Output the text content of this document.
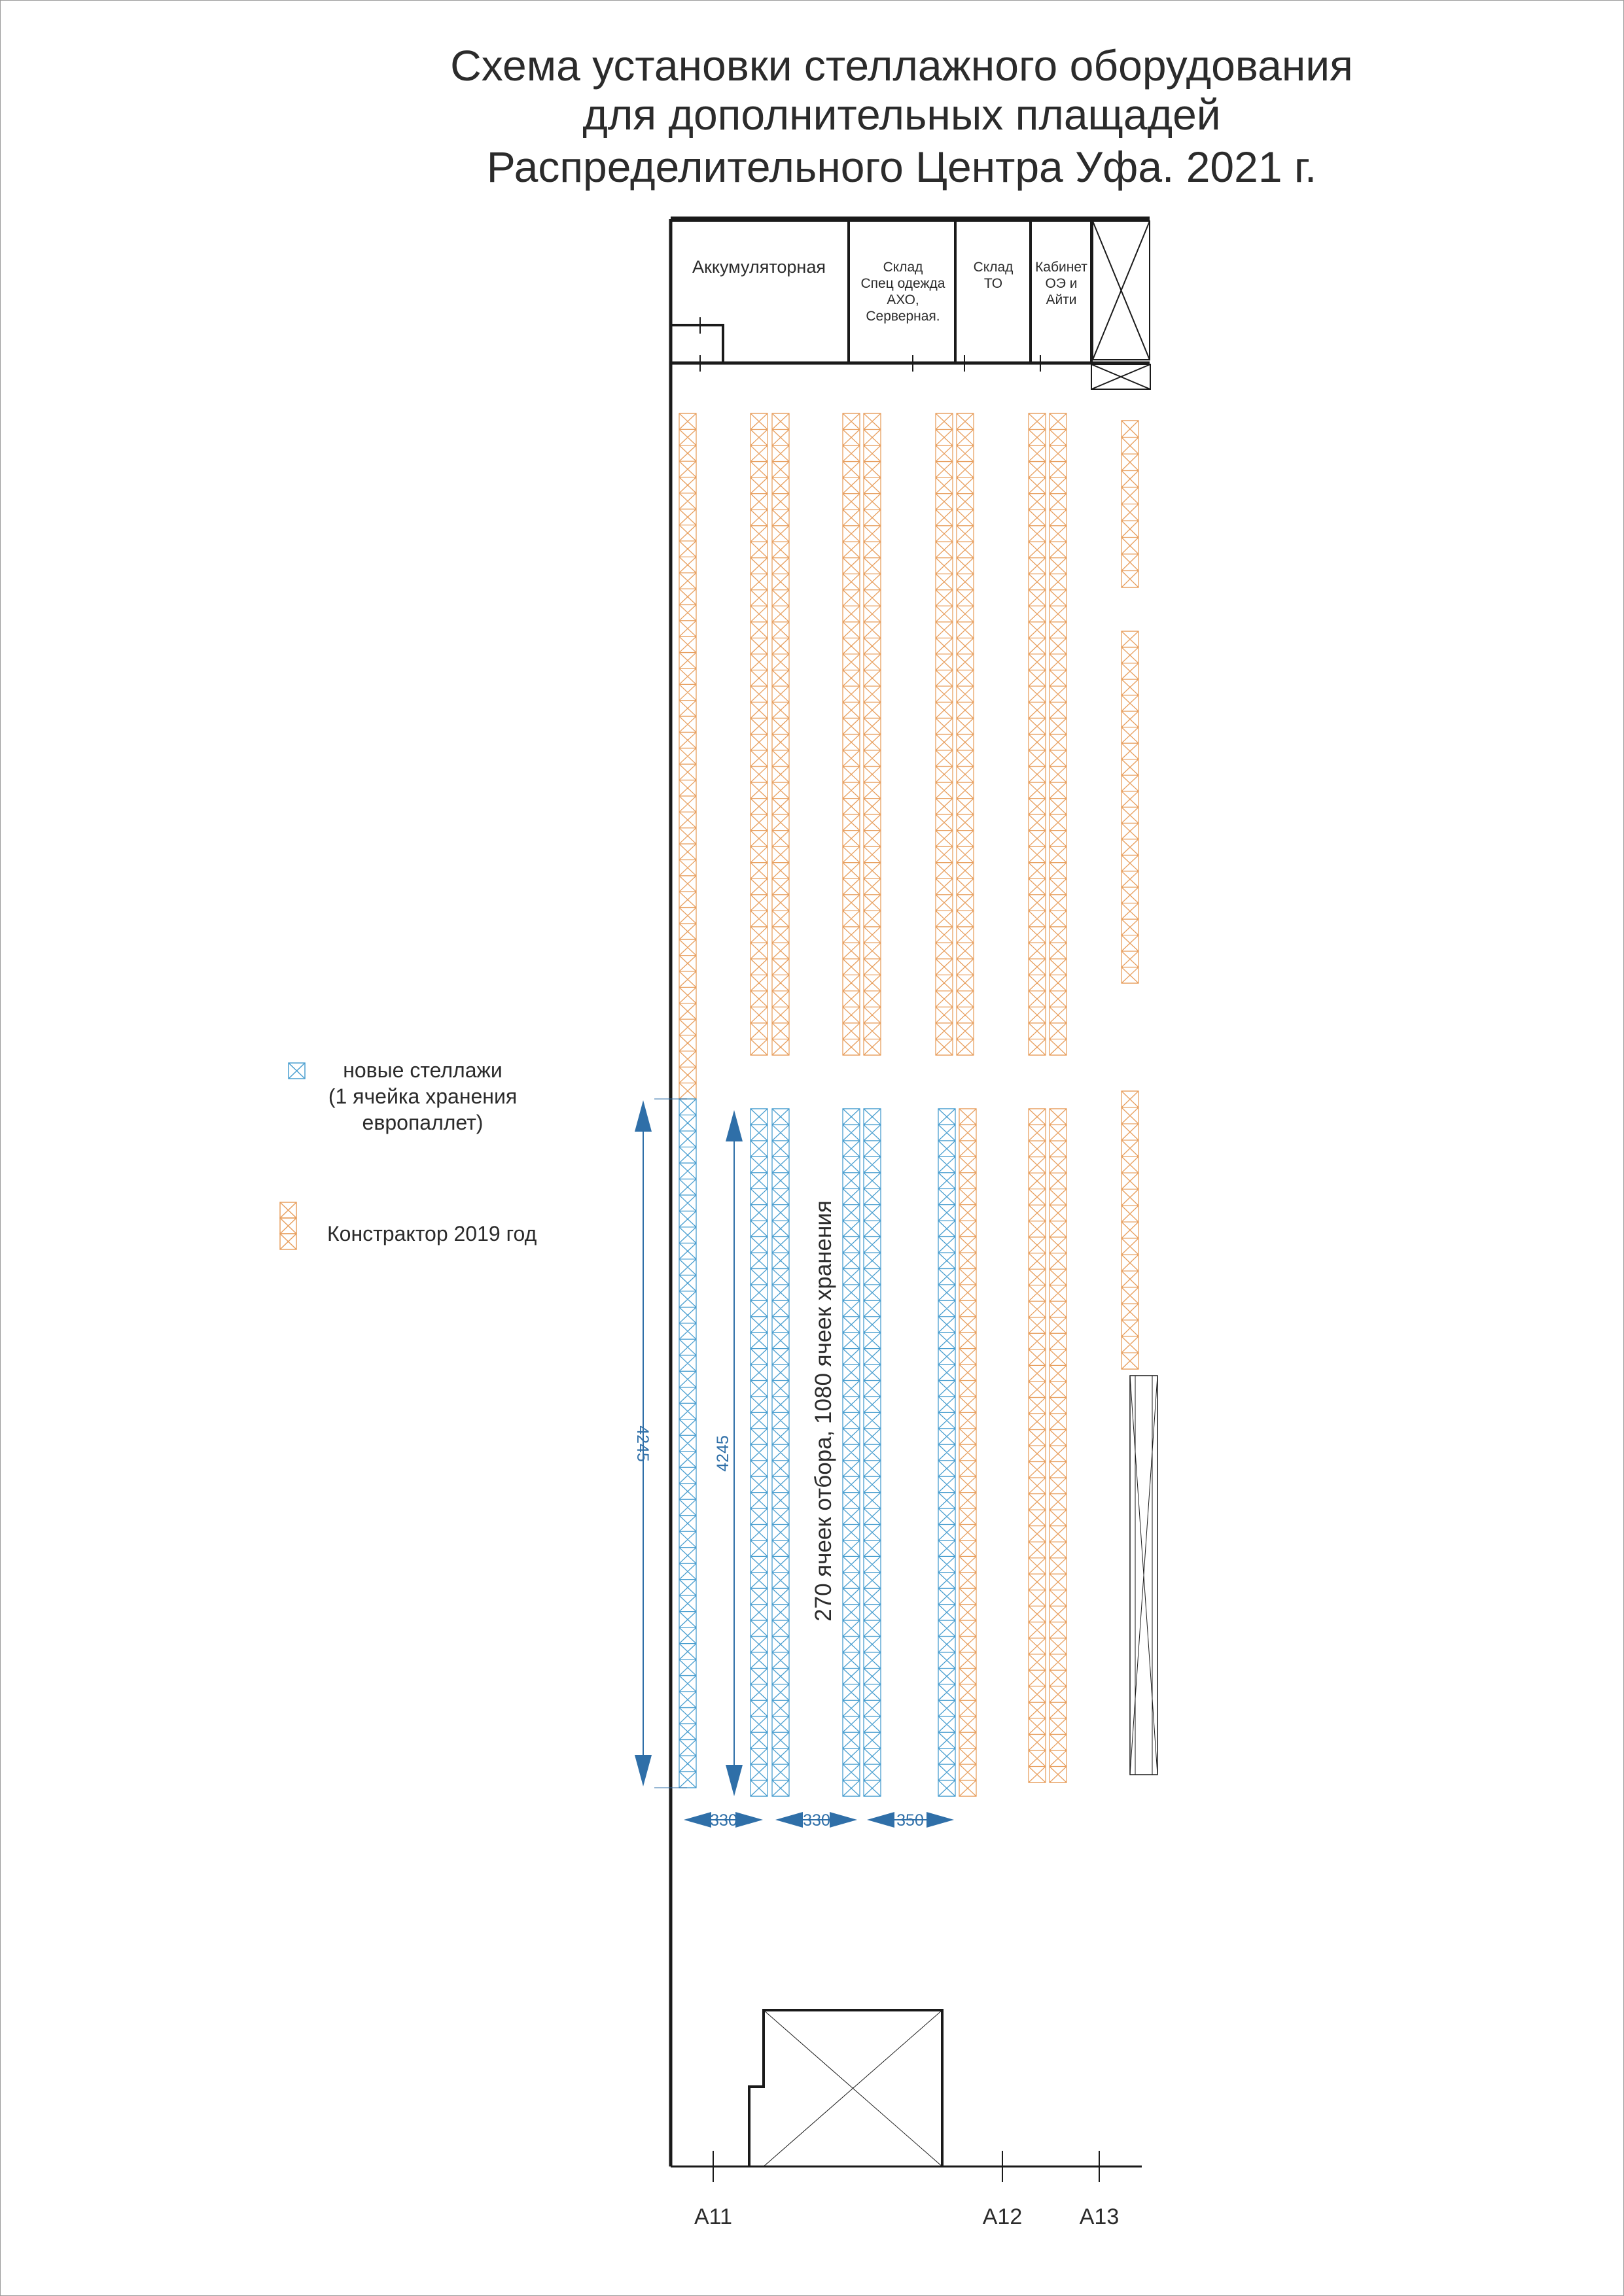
Схема установки стеллажного оборудования
для дополнительных плащадей
Распределительного Центра Уфа. 2021 г.
Аккумуляторная	Склад
Спец одежда
АХО,
Серверная.
Склад
ТО
Кабинет
ОЭ и
Айти
А11	А12	А13
4245	4245	270 ячеек отбора, 1080 ячеек хранения
330	330	350
новые стеллажи
(1 ячейка хранения
европаллет)
Констрактор 2019 год
